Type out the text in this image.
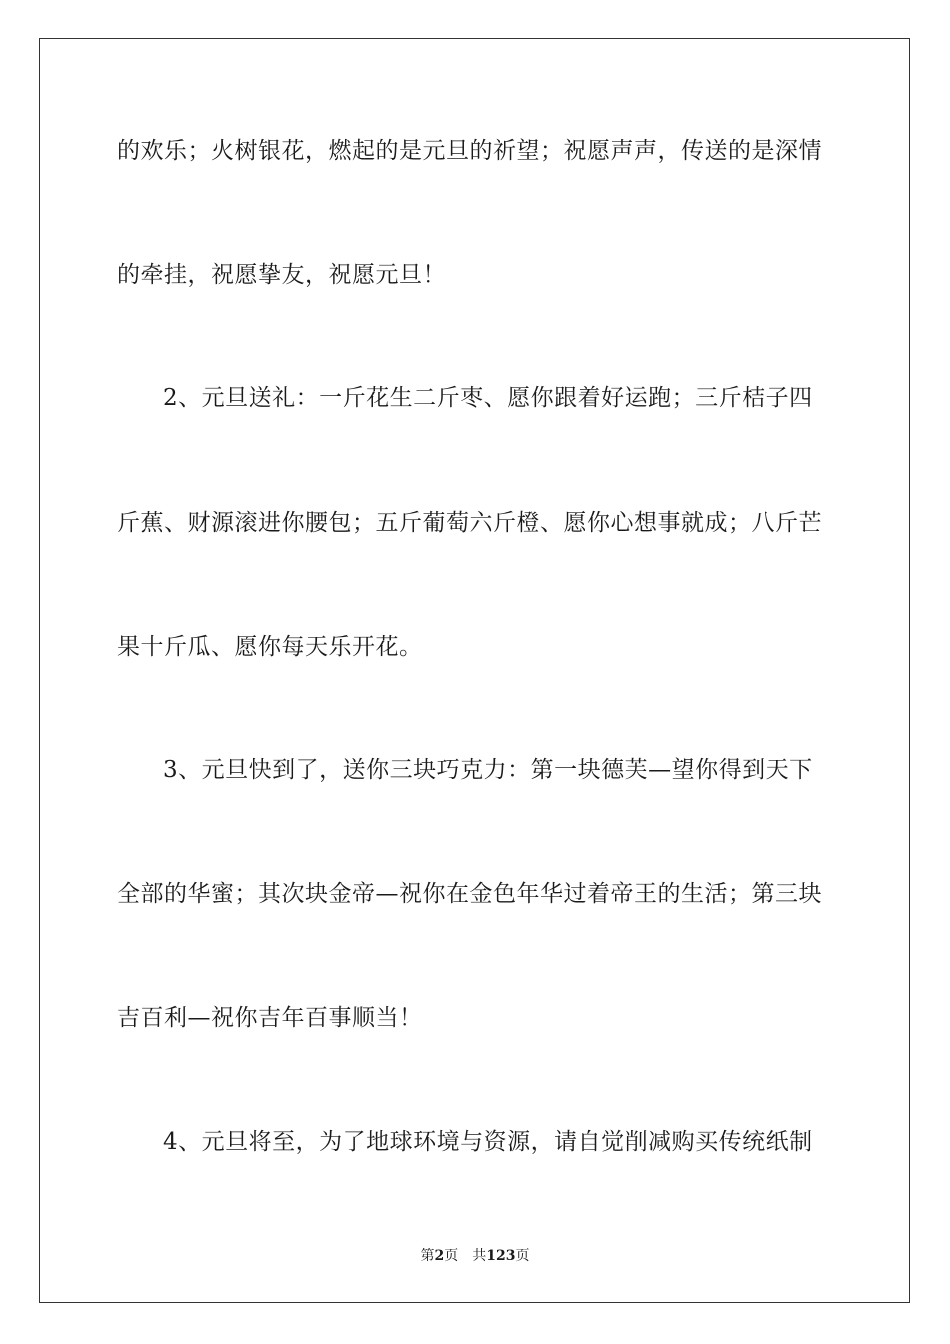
的欢乐；火树银花，燃起的是元旦的祈望；祝愿声声，传送的是深情
的牵挂，祝愿挚友，祝愿元旦！
2、元旦送礼：一斤花生二斤枣、愿你跟着好运跑；三斤桔子四
斤蕉、财源滚进你腰包；五斤葡萄六斤橙、愿你心想事就成；八斤芒
果十斤瓜、愿你每天乐开花。
3、元旦快到了，送你三块巧克力：第一块德芙—望你得到天下
全部的华蜜；其次块金帝—祝你在金色年华过着帝王的生活；第三块
吉百利—祝你吉年百事顺当！
4、元旦将至，为了地球环境与资源，请自觉削减购买传统纸制
第2页 共123页
